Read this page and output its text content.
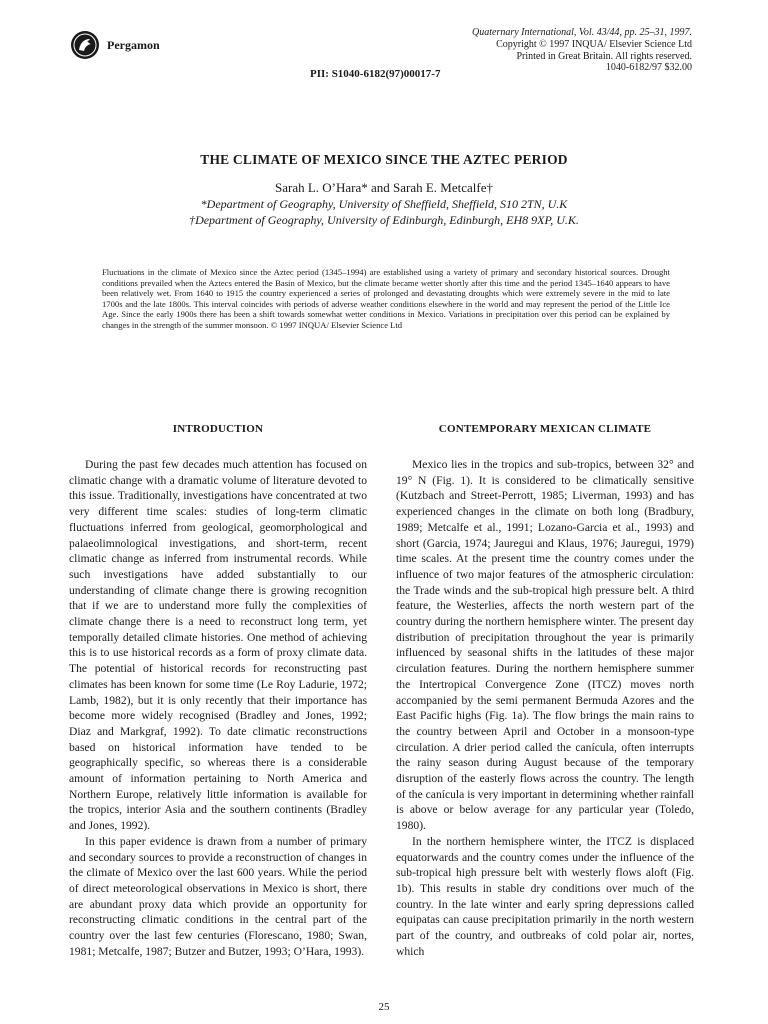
Pergamon
PII: S1040-6182(97)00017-7
Quaternary International, Vol. 43/44, pp. 25–31, 1997.
Copyright © 1997 INQUA/ Elsevier Science Ltd
Printed in Great Britain. All rights reserved.
1040-6182/97 $32.00
THE CLIMATE OF MEXICO SINCE THE AZTEC PERIOD
Sarah L. O’Hara* and Sarah E. Metcalfe†
*Department of Geography, University of Sheffield, Sheffield, S10 2TN, U.K
†Department of Geography, University of Edinburgh, Edinburgh, EH8 9XP, U.K.
Fluctuations in the climate of Mexico since the Aztec period (1345–1994) are established using a variety of primary and secondary historical sources. Drought conditions prevailed when the Aztecs entered the Basin of Mexico, but the climate became wetter shortly after this time and the period 1345–1640 appears to have been relatively wet. From 1640 to 1915 the country experienced a series of prolonged and devastating droughts which were extremely severe in the mid to late 1700s and the late 1800s. This interval coincides with periods of adverse weather conditions elsewhere in the world and may represent the period of the Little Ice Age. Since the early 1900s there has been a shift towards somewhat wetter conditions in Mexico. Variations in precipitation over this period can be explained by changes in the strength of the summer monsoon. © 1997 INQUA/ Elsevier Science Ltd
INTRODUCTION

During the past few decades much attention has focused on climatic change with a dramatic volume of literature devoted to this issue. Traditionally, investigations have concentrated at two very different time scales: studies of long-term climatic fluctuations inferred from geological, geomorphological and palaeolimnological investigations, and short-term, recent climatic change as inferred from instrumental records. While such investigations have added substantially to our understanding of climate change there is growing recognition that if we are to understand more fully the complexities of climate change there is a need to reconstruct long term, yet temporally detailed climate histories. One method of achieving this is to use historical records as a form of proxy climate data. The potential of historical records for reconstructing past climates has been known for some time (Le Roy Ladurie, 1972; Lamb, 1982), but it is only recently that their importance has become more widely recognised (Bradley and Jones, 1992; Diaz and Markgraf, 1992). To date climatic reconstructions based on historical information have tended to be geographically specific, so whereas there is a considerable amount of information pertaining to North America and Northern Europe, relatively little information is available for the tropics, interior Asia and the southern continents (Bradley and Jones, 1992).

In this paper evidence is drawn from a number of primary and secondary sources to provide a reconstruction of changes in the climate of Mexico over the last 600 years. While the period of direct meteorological observations in Mexico is short, there are abundant proxy data which provide an opportunity for reconstructing climatic conditions in the central part of the country over the last few centuries (Florescano, 1980; Swan, 1981; Metcalfe, 1987; Butzer and Butzer, 1993; O’Hara, 1993).

CONTEMPORARY MEXICAN CLIMATE

Mexico lies in the tropics and sub-tropics, between 32° and 19° N (Fig. 1). It is considered to be climatically sensitive (Kutzbach and Street-Perrott, 1985; Liverman, 1993) and has experienced changes in the climate on both long (Bradbury, 1989; Metcalfe et al., 1991; Lozano-Garcia et al., 1993) and short (Garcia, 1974; Jauregui and Klaus, 1976; Jauregui, 1979) time scales. At the present time the country comes under the influence of two major features of the atmospheric circulation: the Trade winds and the sub-tropical high pressure belt. A third feature, the Westerlies, affects the north western part of the country during the northern hemisphere winter. The present day distribution of precipitation throughout the year is primarily influenced by seasonal shifts in the latitudes of these major circulation features. During the northern hemisphere summer the Intertropical Convergence Zone (ITCZ) moves north accompanied by the semi permanent Bermuda Azores and the East Pacific highs (Fig. 1a). The flow brings the main rains to the country between April and October in a monsoon-type circulation. A drier period called the canícula, often interrupts the rainy season during August because of the temporary disruption of the easterly flows across the country. The length of the canícula is very important in determining whether rainfall is above or below average for any particular year (Toledo, 1980).

In the northern hemisphere winter, the ITCZ is displaced equatorwards and the country comes under the influence of the sub-tropical high pressure belt with westerly flows aloft (Fig. 1b). This results in stable dry conditions over much of the country. In the late winter and early spring depressions called equipatas can cause precipitation primarily in the north western part of the country, and outbreaks of cold polar air, nortes, which

25
